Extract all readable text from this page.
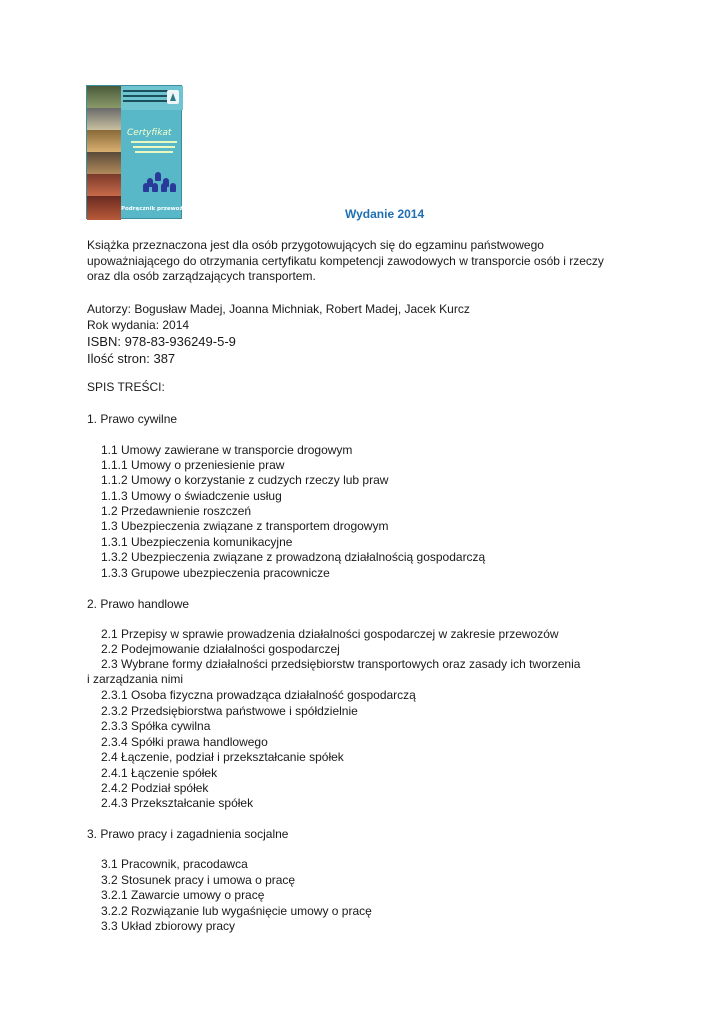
Certyfikat
Podręcznik przewoźnika	Wydanie 2014
Książka przeznaczona jest dla osób przygotowujących się do egzaminu państwowego upoważniającego do otrzymania certyfikatu kompetencji zawodowych w transporcie osób i rzeczy oraz dla osób zarządzających transportem.
Autorzy: Bogusław Madej, Joanna Michniak, Robert Madej, Jacek Kurcz
Rok wydania: 2014
ISBN: 978-83-936249-5-9
Ilość stron: 387
SPIS TREŚCI:
1. Prawo cywilne
1.1 Umowy zawierane w transporcie drogowym
1.1.1 Umowy o przeniesienie praw
1.1.2 Umowy o korzystanie z cudzych rzeczy lub praw
1.1.3 Umowy o świadczenie usług
1.2 Przedawnienie roszczeń
1.3 Ubezpieczenia związane z transportem drogowym
1.3.1 Ubezpieczenia komunikacyjne
1.3.2 Ubezpieczenia związane z prowadzoną działalnością gospodarczą
1.3.3 Grupowe ubezpieczenia pracownicze
2. Prawo handlowe
2.1 Przepisy w sprawie prowadzenia działalności gospodarczej w zakresie przewozów
2.2 Podejmowanie działalności gospodarczej
2.3 Wybrane formy działalności przedsiębiorstw transportowych oraz zasady ich tworzenia
i zarządzania nimi
2.3.1 Osoba fizyczna prowadząca działalność gospodarczą
2.3.2 Przedsiębiorstwa państwowe i spółdzielnie
2.3.3 Spółka cywilna
2.3.4 Spółki prawa handlowego
2.4 Łączenie, podział i przekształcanie spółek
2.4.1 Łączenie spółek
2.4.2 Podział spółek
2.4.3 Przekształcanie spółek
3. Prawo pracy i zagadnienia socjalne
3.1 Pracownik, pracodawca
3.2 Stosunek pracy i umowa o pracę
3.2.1 Zawarcie umowy o pracę
3.2.2 Rozwiązanie lub wygaśnięcie umowy o pracę
3.3 Układ zbiorowy pracy
